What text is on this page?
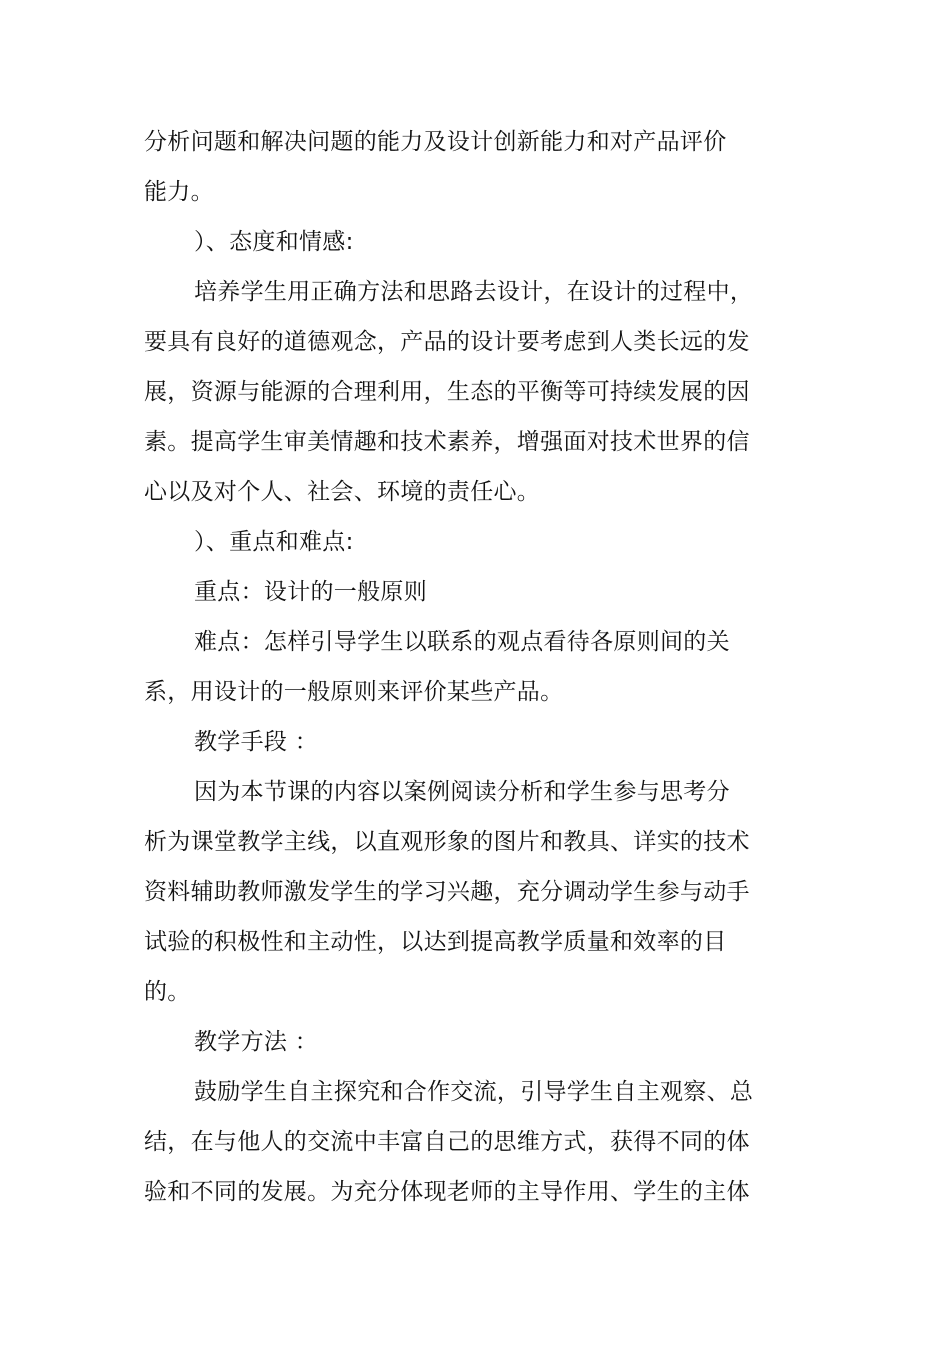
分析问题和解决问题的能力及设计创新能力和对产品评价
能力。
）、态度和情感:
培养学生用正确方法和思路去设计，在设计的过程中，
要具有良好的道德观念，产品的设计要考虑到人类长远的发
展，资源与能源的合理利用，生态的平衡等可持续发展的因
素。提高学生审美情趣和技术素养，增强面对技术世界的信
心以及对个人、社会、环境的责任心。
）、重点和难点:
重点：设计的一般原则
难点：怎样引导学生以联系的观点看待各原则间的关
系，用设计的一般原则来评价某些产品。
教学手段 ：
因为本节课的内容以案例阅读分析和学生参与思考分
析为课堂教学主线，以直观形象的图片和教具、详实的技术
资料辅助教师激发学生的学习兴趣，充分调动学生参与动手
试验的积极性和主动性，以达到提高教学质量和效率的目
的。
教学方法 ：
鼓励学生自主探究和合作交流，引导学生自主观察、总
结，在与他人的交流中丰富自己的思维方式，获得不同的体
验和不同的发展。为充分体现老师的主导作用、学生的主体
